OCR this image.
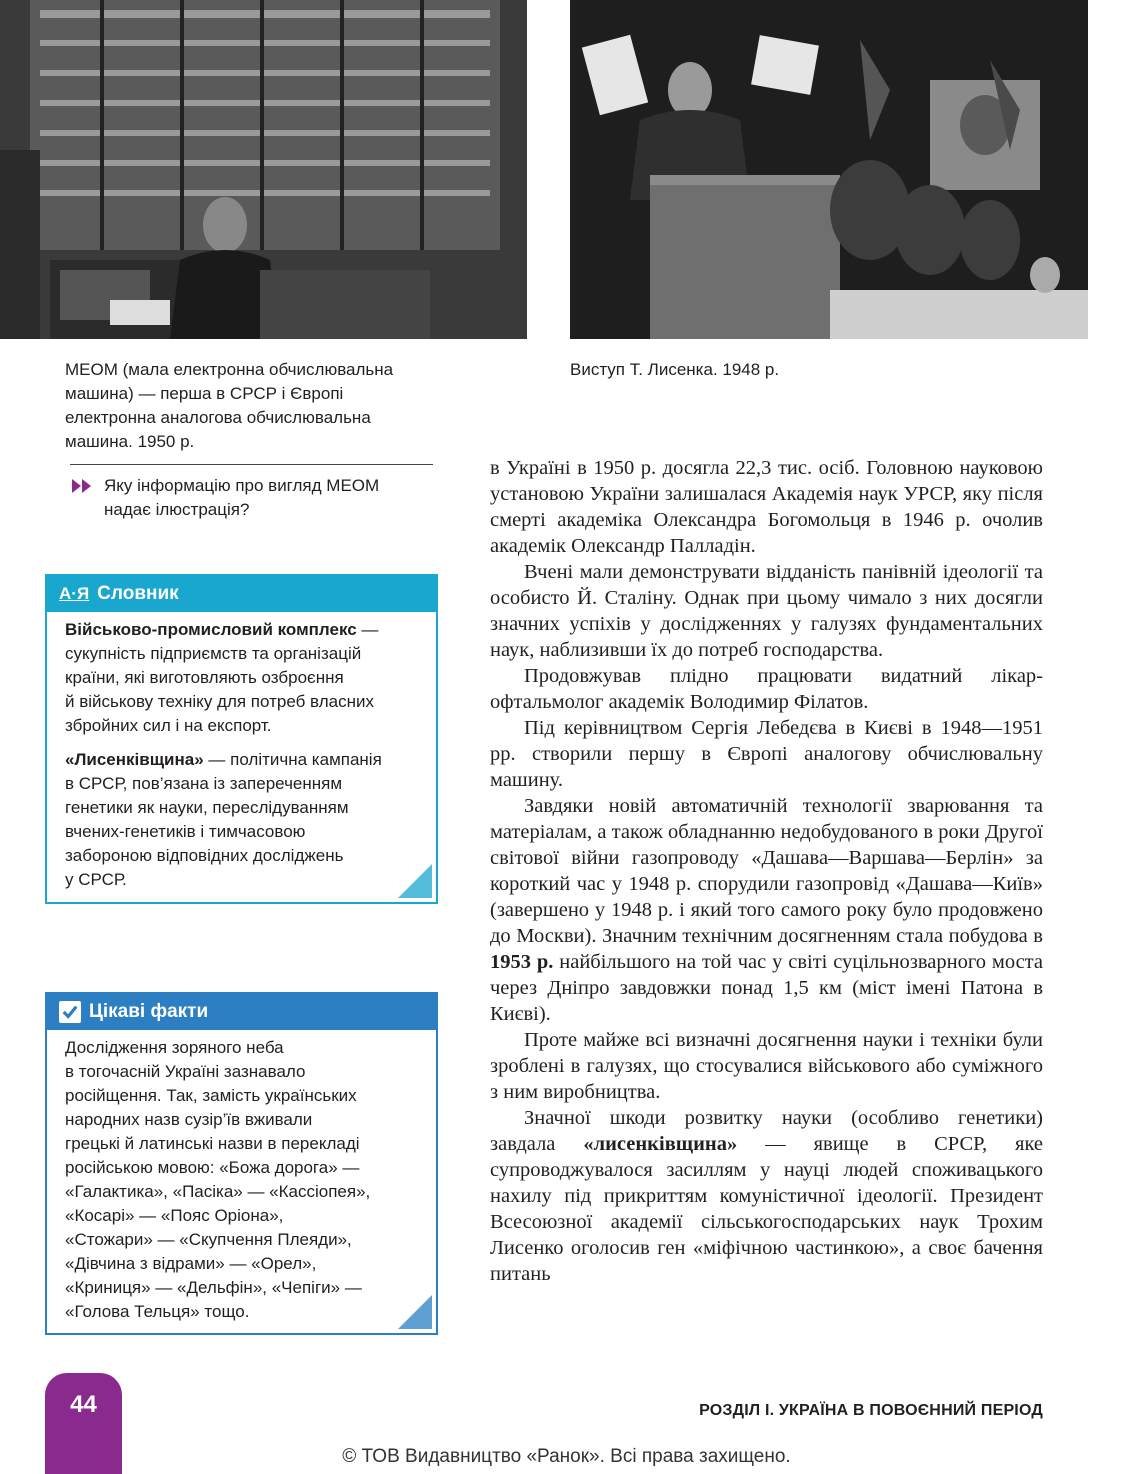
МЕОМ (мала електронна обчислювальна
машина) — перша в СРСР і Європі
електронна аналогова обчислювальна
машина. 1950 р.

Виступ Т. Лисенка. 1948 р.

Яку інформацію про вигляд МЕОМ
надає ілюстрація?

А·Я Словник

Військово-промисловий комплекс —
сукупність підприємств та організацій
країни, які виготовляють озброєння
й військову техніку для потреб власних
збройних сил і на експорт.

«Лисенківщина» — політична кампанія
в СРСР, пов’язана із запереченням
генетики як науки, переслідуванням
вчених-генетиків і тимчасовою
забороною відповідних досліджень
у СРСР.

Цікаві факти

Дослідження зоряного неба
в тогочасній Україні зазнавало
російщення. Так, замість українських
народних назв сузір’їв вживали
грецькі й латинські назви в перекладі
російською мовою: «Божа дорога» —
«Галактика», «Пасіка» — «Кассіопея»,
«Косарі» — «Пояс Оріона»,
«Стожари» — «Скупчення Плеяди»,
«Дівчина з відрами» — «Орел»,
«Криниця» — «Дельфін», «Чепіги» —
«Голова Тельця» тощо.

в Україні в 1950 р. досягла 22,3 тис. осіб. Головною науковою установою України залишалася Академія наук УРСР, яку після смерті академіка Олександра Богомольця в 1946 р. очолив академік Олександр Палладін.

Вчені мали демонструвати відданість панівній ідеології та особисто Й. Сталіну. Однак при цьому чимало з них досягли значних успіхів у дослідженнях у галузях фундаментальних наук, наблизивши їх до потреб господарства.

Продовжував плідно працювати видатний лікар-офтальмолог академік Володимир Філатов.

Під керівництвом Сергія Лебедєва в Києві в 1948—1951 рр. створили першу в Європі аналогову обчислювальну машину.

Завдяки новій автоматичній технології зварювання та матеріалам, а також обладнанню недобудованого в роки Другої світової війни газопроводу «Дашава—Варшава—Берлін» за короткий час у 1948 р. спорудили газопровід «Дашава—Київ» (завершено у 1948 р. і який того самого року було продовжено до Москви). Значним технічним досягненням стала побудова в 1953 р. найбільшого на той час у світі суцільнозварного моста через Дніпро завдовжки понад 1,5 км (міст імені Патона в Києві).

Проте майже всі визначні досягнення науки і техніки були зроблені в галузях, що стосувалися військового або суміжного з ним виробництва.

Значної шкоди розвитку науки (особливо генетики) завдала «лисенківщина» — явище в СРСР, яке супроводжувалося засиллям у науці людей споживацького нахилу під прикриттям комуністичної ідеології. Президент Всесоюзної академії сільськогосподарських наук Трохим Лисенко оголосив ген «міфічною частинкою», а своє бачення питань

44	РОЗДІЛ І. УКРАЇНА В ПОВОЄННИЙ ПЕРІОД
© ТОВ Видавництво «Ранок». Всі права захищено.
